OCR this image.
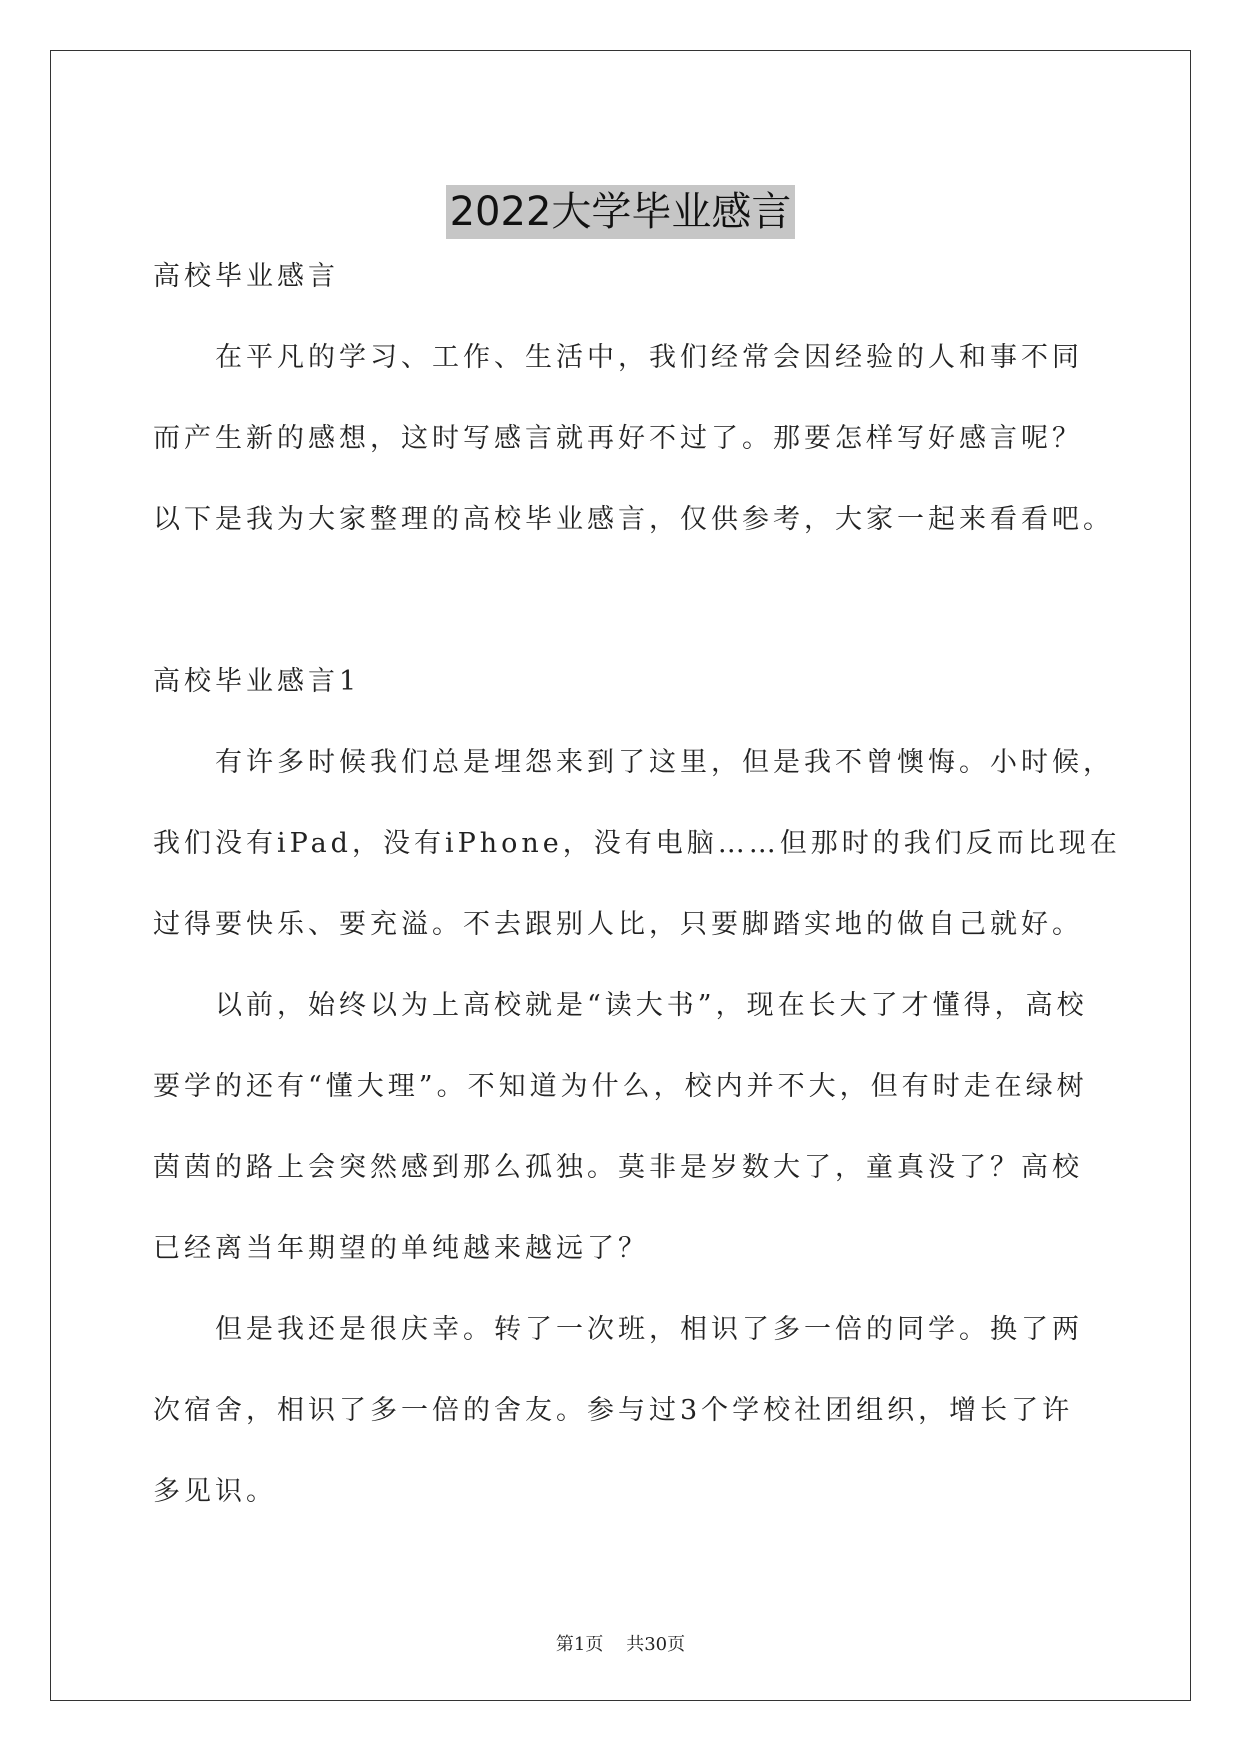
2022大学毕业感言

高校毕业感言

在平凡的学习、工作、生活中，我们经常会因经验的人和事不同

而产生新的感想，这时写感言就再好不过了。那要怎样写好感言呢？

以下是我为大家整理的高校毕业感言，仅供参考，大家一起来看看吧。

高校毕业感言1

有许多时候我们总是埋怨来到了这里，但是我不曾懊悔。小时候，

我们没有iPad，没有iPhone，没有电脑……但那时的我们反而比现在

过得要快乐、要充溢。不去跟别人比，只要脚踏实地的做自己就好。

以前，始终以为上高校就是“读大书”，现在长大了才懂得，高校

要学的还有“懂大理”。不知道为什么，校内并不大，但有时走在绿树

茵茵的路上会突然感到那么孤独。莫非是岁数大了，童真没了？高校

已经离当年期望的单纯越来越远了？

但是我还是很庆幸。转了一次班，相识了多一倍的同学。换了两

次宿舍，相识了多一倍的舍友。参与过3个学校社团组织，增长了许

多见识。

第1页 共30页
